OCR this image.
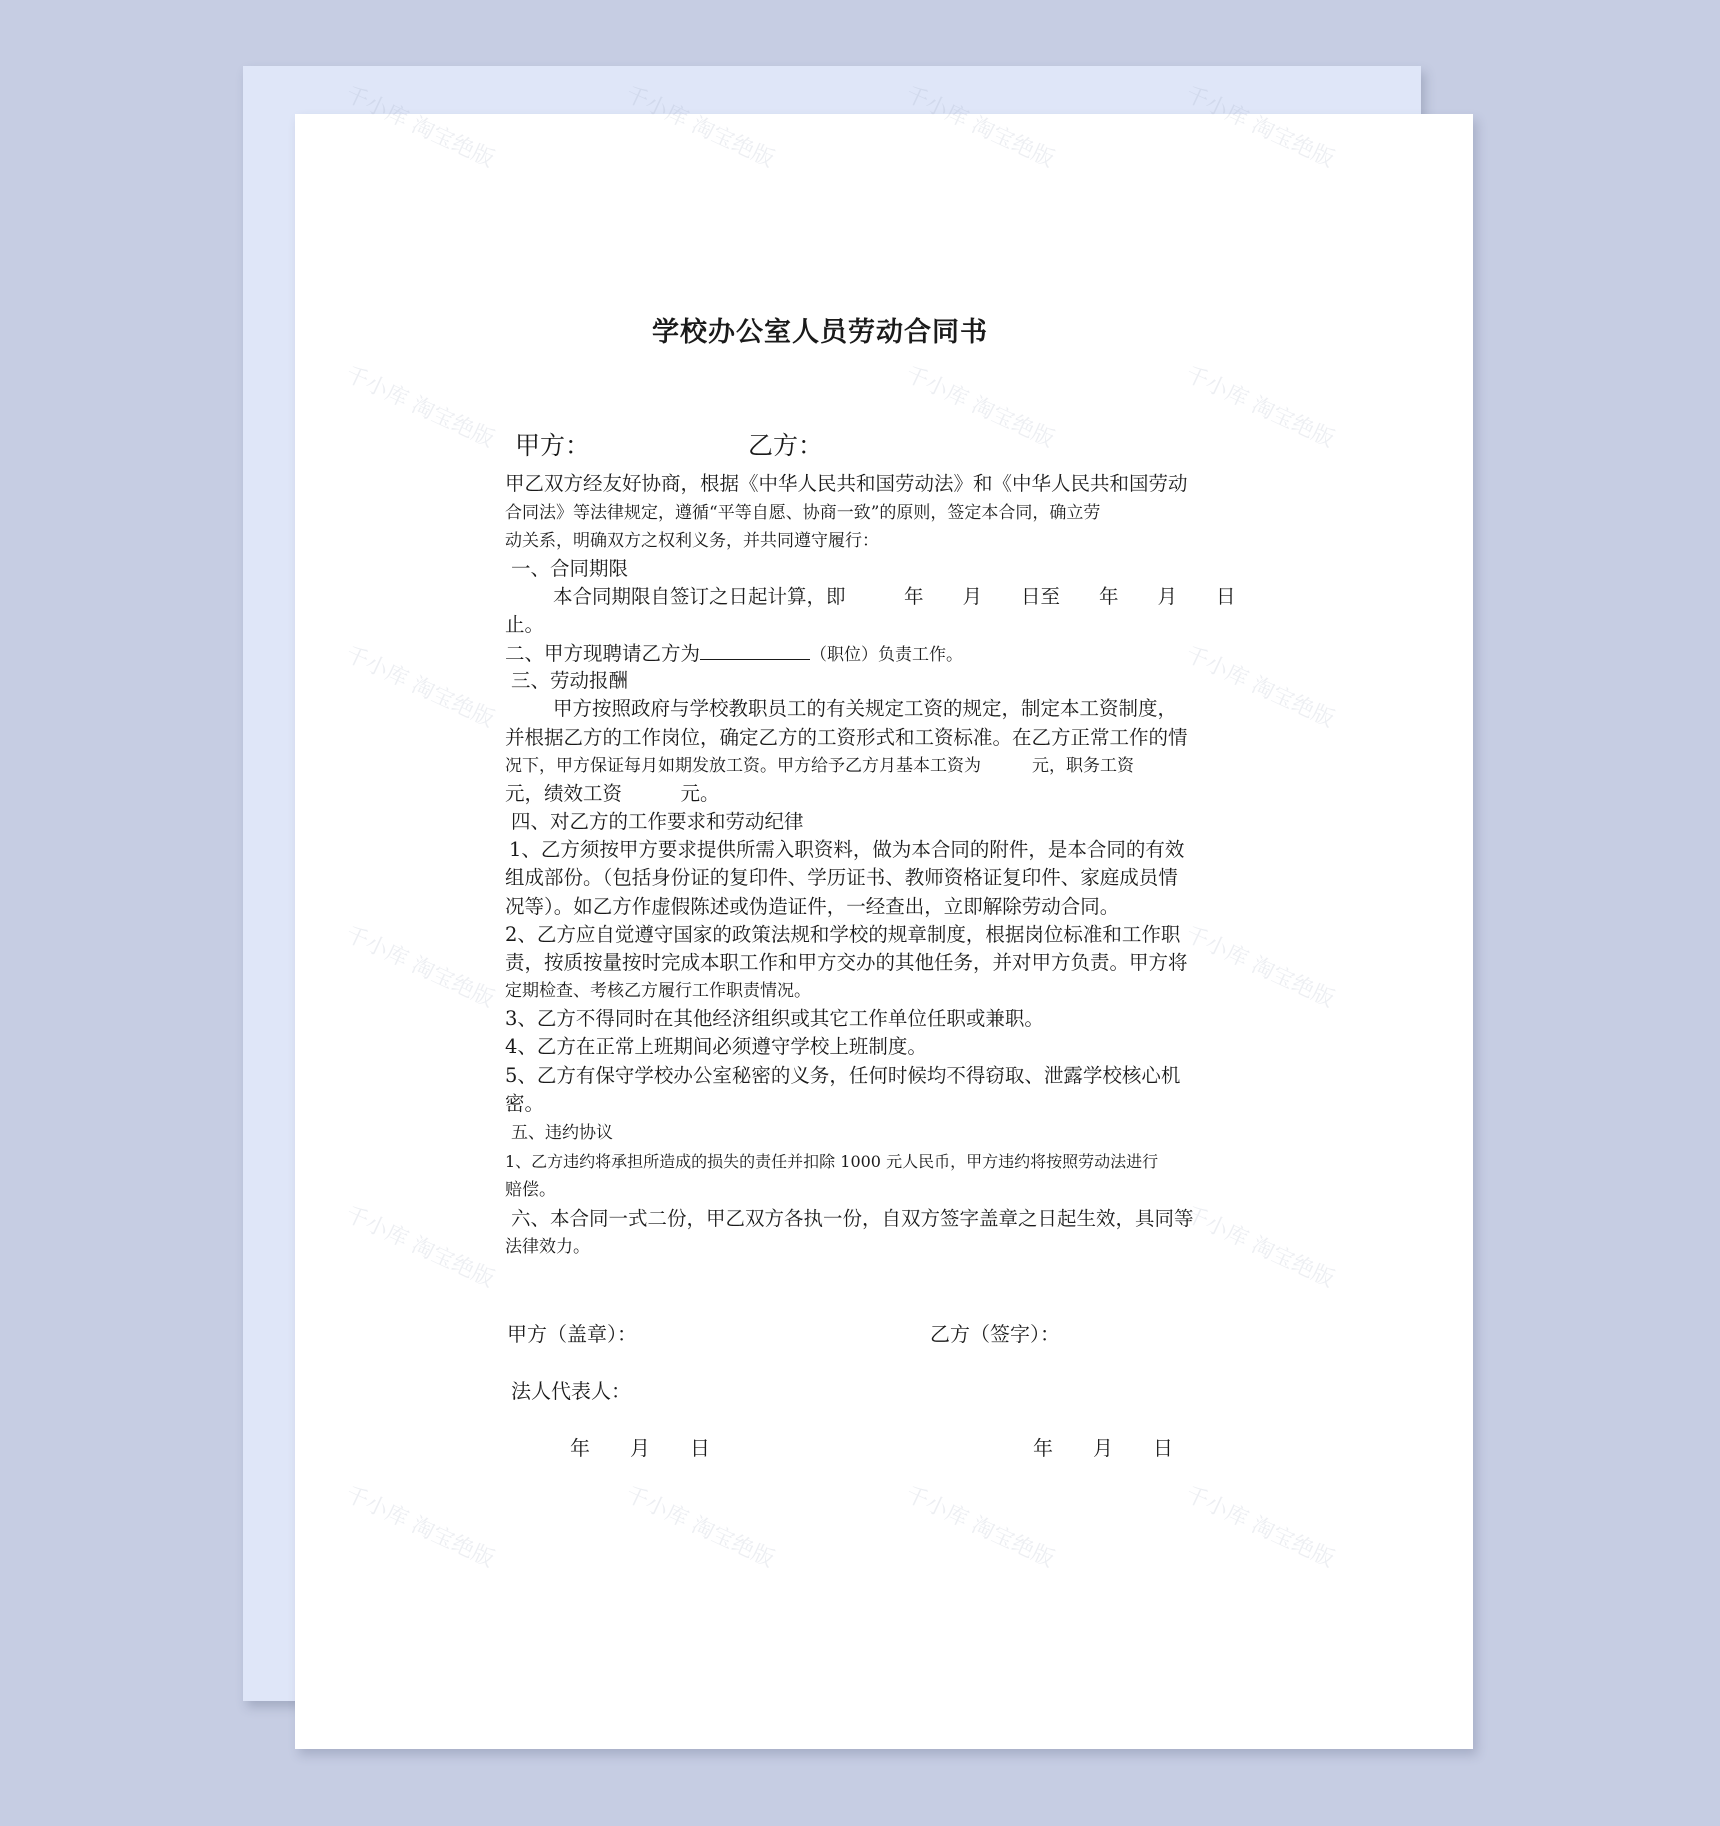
学校办公室人员劳动合同书
甲方：	乙方：
甲乙双方经友好协商，根据《中华人民共和国劳动法》和《中华人民共和国劳动
合同法》等法律规定，遵循“平等自愿、协商一致”的原则，签定本合同，确立劳
动关系，明确双方之权利义务，并共同遵守履行：
一、合同期限
本合同期限自签订之日起计算，即　　　年　　月　　日至　　年　　月　　日
止。
二、甲方现聘请乙方为	（职位）负责工作。
三、劳动报酬
甲方按照政府与学校教职员工的有关规定工资的规定，制定本工资制度，
并根据乙方的工作岗位，确定乙方的工资形式和工资标准。在乙方正常工作的情
况下，甲方保证每月如期发放工资。甲方给予乙方月基本工资为　　　元，职务工资
元，绩效工资　　　元。
四、对乙方的工作要求和劳动纪律
1、乙方须按甲方要求提供所需入职资料，做为本合同的附件，是本合同的有效
组成部份。（包括身份证的复印件、学历证书、教师资格证复印件、家庭成员情
况等）。如乙方作虚假陈述或伪造证件，一经查出，立即解除劳动合同。
2、乙方应自觉遵守国家的政策法规和学校的规章制度，根据岗位标准和工作职
责，按质按量按时完成本职工作和甲方交办的其他任务，并对甲方负责。甲方将
定期检查、考核乙方履行工作职责情况。
3、乙方不得同时在其他经济组织或其它工作单位任职或兼职。
4、乙方在正常上班期间必须遵守学校上班制度。
5、乙方有保守学校办公室秘密的义务，任何时候均不得窃取、泄露学校核心机
密。
五、违约协议
1、乙方违约将承担所造成的损失的责任并扣除 1000 元人民币，甲方违约将按照劳动法进行
赔偿。
六、本合同一式二份，甲乙双方各执一份，自双方签字盖章之日起生效，具同等
法律效力。
甲方（盖章）：	乙方（签字）：
法人代表人：
年　　月　　日	年　　月　　日
